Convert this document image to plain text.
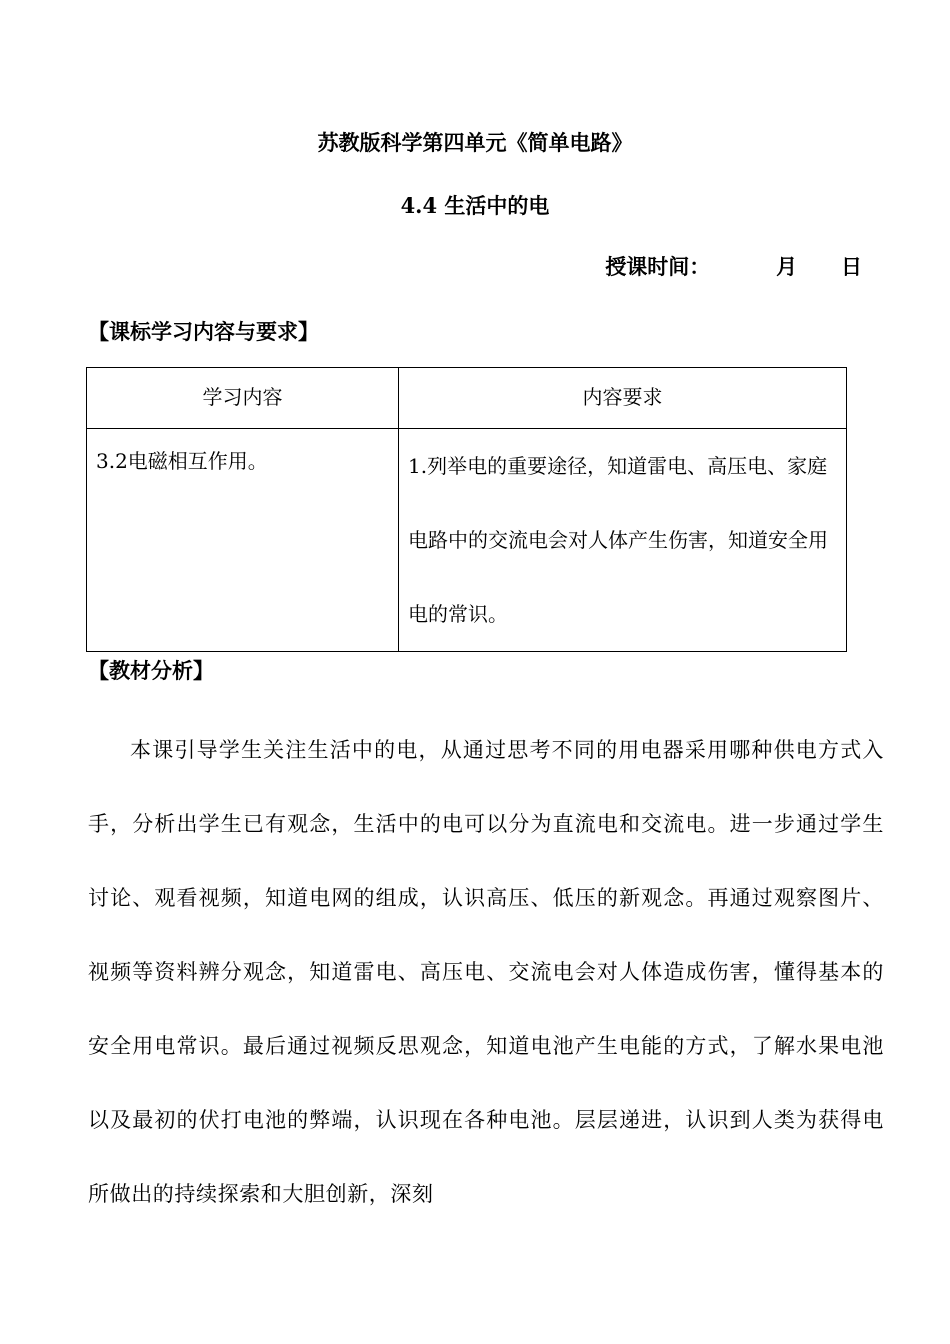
苏教版科学第四单元《简单电路》
4.4 生活中的电
授课时间：	月 日
【课标学习内容与要求】
学习内容	内容要求

3.2电磁相互作用。	1.列举电的重要途径，知道雷电、高压电、家庭电路中的交流电会对人体产生伤害，知道安全用电的常识。
【教材分析】
本课引导学生关注生活中的电，从通过思考不同的用电器采用哪种供电方式入手，分析出学生已有观念，生活中的电可以分为直流电和交流电。进一步通过学生讨论、观看视频，知道电网的组成，认识高压、低压的新观念。再通过观察图片、视频等资料辨分观念，知道雷电、高压电、交流电会对人体造成伤害，懂得基本的安全用电常识。最后通过视频反思观念，知道电池产生电能的方式，了解水果电池以及最初的伏打电池的弊端，认识现在各种电池。层层递进，认识到人类为获得电所做出的持续探索和大胆创新，深刻
